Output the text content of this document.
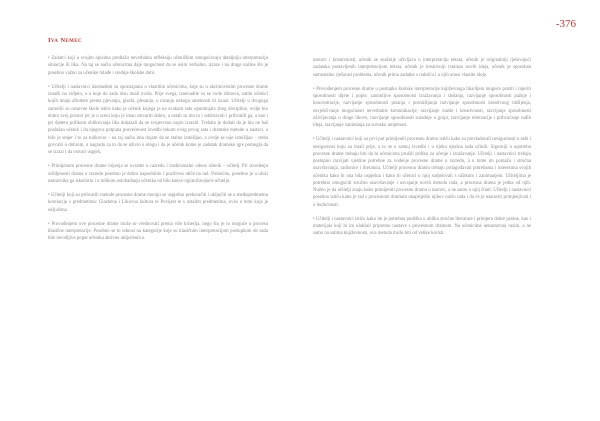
-376
Iva Nemec

• Zadatci koji u svojim opisima predlažu neverbalnu refleksiju učeničkim omogućavaju detaljniju interpretaciju situacije ili lika. Na taj se način učenicima daje mogućnost da se osim verbalno, izraze i na druge načine što je posebno važno za učenike mlađe i srednje školske dobi.

• Učitelji i nastavnici iznenađeni su spoznajama o vlastitim učenicima, koje su u akcimovistim procesne drame iznašli na vidjelo, a u koje do sada nisu imali uvida. Prije svega, iznenadile su se vode stimova, zatim učenici kojih imaju afinitete prema pjevanju, glazbi, plesanju, u nizanju nekoga umetnosti ili izrazi. Učitelji u dvogoga zamolili su osnovne škole istiće kako je učenik kojega je na svakom satu opominjala zbog discipline, ovdje bio dobro svoj prostor jer je u sceni koju je imao ostvariti dobro, a ostali su mu to i odobravali i prihvatili ga, a kao i pri djetetu prilikom oblikovanja lika dokazali da se svojevrsno uspio izraziti. Trebalo je dodati da je bio ne baš poslušan učenik i da njegova potpuna posvećenost izvedbi tokom ovog prvog sata i dramske metode u nastavi, a bilo je smjer i to za tolikovar – na taj način ima dojam da se stalno izmišljao, a ovdje se nije izmišljao – treba govoriti o dobrom, u nagradu za to da se uživio u ulogu i da je učenik kome je zadatak dramske igre pomogla da se izrazi i da ostvari uspjeh.

• Primijenom procesne drame mijenja se uvratbe u razredu i tradicionalni odnos učenik – učitelj. Pri izvedenju scibljenosti drama u razredu posebno je dobro napodobilo i pozitivno utiče na rad. Pomoćno, posebno je u ulozi nastavnika ga iskoristio i u tolikom oslobađanju učenika od bilo kakve ograničavajuće učitelju.

• Učitelji koji su prihvatili metode procesne drame moraju se uspješno prekoračiti i uključiti se u međupredmetnu korelaciju s predmetima: Glazbena i Likovna kultura te Povijest te s ostalim predmetima, ovisi o temi koja je uključena.

• Provođenjem ove procesne drame može se vrednovati prema više kriterija, nego što je to moguće u procesu klasične interpretacije. Posebno se to odnosi na kategorije koje su klasičnim interpretacijom postupkom do sada bile nevidljive poput učenika aktivno uključenih u

nastavi i kreativnosti, učenik se snažnije uživljava u interpretaciju teksta, učenik je originalniji rješavajući zadataka postavljenih interpretacijom teksta, učenik je kreativniji (smisao novih ideja, učenik je sposoban samostalno rješavati problema, učenik prima zadatke s radošću i u njih unosi vlastite ideje.

• Provođenjem procesne drame u postupku školske interpretacije književnoga lika/djela moguće pratiti i mjeriti sposobnosti dijete i popis: zanimljive sposobnosti izražavanja i slušanja, razvijanje sposobnosti pažnje i koncentracije, razvijanje sposobnosti pisanja i promišljanja razvijanje sposobnosti kreativnog mišljenja, osvješćivanje mogućnosti neverbalne komunikacije, razvijanje mašte i kreativnosti, razvijanje sposobnosti uživljavanja u druge likove, razvijanje sposobnosti suradnje u grupi, razvijanje tolerancije i prihvaćanje tuđih ideja, razvijanje zanimanja za scensku umjetnost.

• Učitelji i nastavnici koji su prvi put primijenili procesnu dramu ističu kako su prevladavali nesigurnosti u sebi i nesigurnost koju su imali prije, a to se u samoj izvedbi i u tijeku njezina rada učinili. Sigurniji u upotrebu procesne drame trebaju biti da bi učenicima pružili priliku za učenje i izražavanje. Učitelji i nastavnici trebaju postupno razvijati vještine potrebne za vođenje procesne drame u razredu, a u tome im pomažu i stručna usavršavanja, radionice i literatura. Učitelji procesnu dramu trebaju prilagođavati potrebama i interesima svojih učenika kako bi ona bila uspješna i kako bi učenici u njoj sudjelovali s užitkom i zanimanjem. Učiteljima je potrebno omogućiti stručno usavršavanje i usvajanje novih metoda rada, a procesna drama je jedna od njih. Nužno je da učitelji znaju kako primijeniti procesnu dramu u nastavi, a ne samo o njoj čitati. Učitelji i nastavnici posebno ističu kako je rad s procesnom dramom unaprijedio njihov način rada i da će je nastaviti primjenjivati i u budućnosti.

• Učitelji i nastavnici ističu kako im je potrebna podrška u obliku stručne literature i primjera dobre prakse, kao i materijala koji bi im olakšali pripremu nastave s procesnom dramom. Na učenicima nenastavnoj razini, a ne samo na satima književnosti, ova metoda može biti od velike koristi.
